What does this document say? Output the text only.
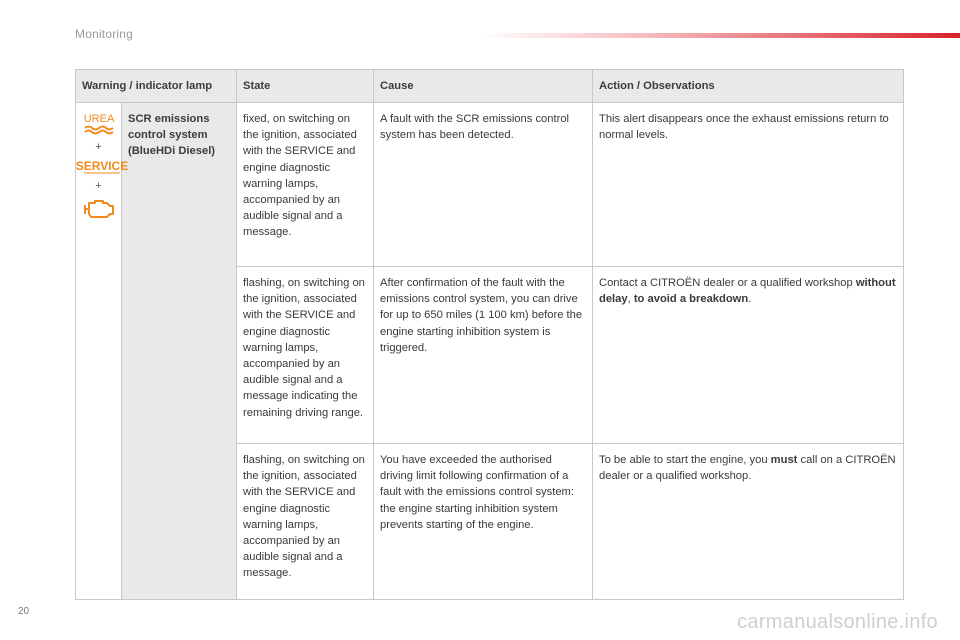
Monitoring
Warning / indicator lamp		State	Cause	Action / Observations

UREA
+
SERVICE
+	SCR emissions control system (BlueHDi Diesel)	fixed, on switching on the ignition, associated with the SERVICE and engine diagnostic warning lamps, accompanied by an audible signal and a message.	A fault with the SCR emissions control system has been detected.	This alert disappears once the exhaust emissions return to normal levels.
		flashing, on switching on the ignition, associated with the SERVICE and engine diagnostic warning lamps, accompanied by an audible signal and a message indicating the remaining driving range.	After confirmation of the fault with the emissions control system, you can drive for up to 650 miles (1 100 km) before the engine starting inhibition system is triggered.	Contact a CITROËN dealer or a qualified workshop without delay, to avoid a breakdown.
		flashing, on switching on the ignition, associated with the SERVICE and engine diagnostic warning lamps, accompanied by an audible signal and a message.	You have exceeded the authorised driving limit following confirmation of a fault with the emissions control system: the engine starting inhibition system prevents starting of the engine.	To be able to start the engine, you must call on a CITROËN dealer or a qualified workshop.
20	carmanualsonline.info
